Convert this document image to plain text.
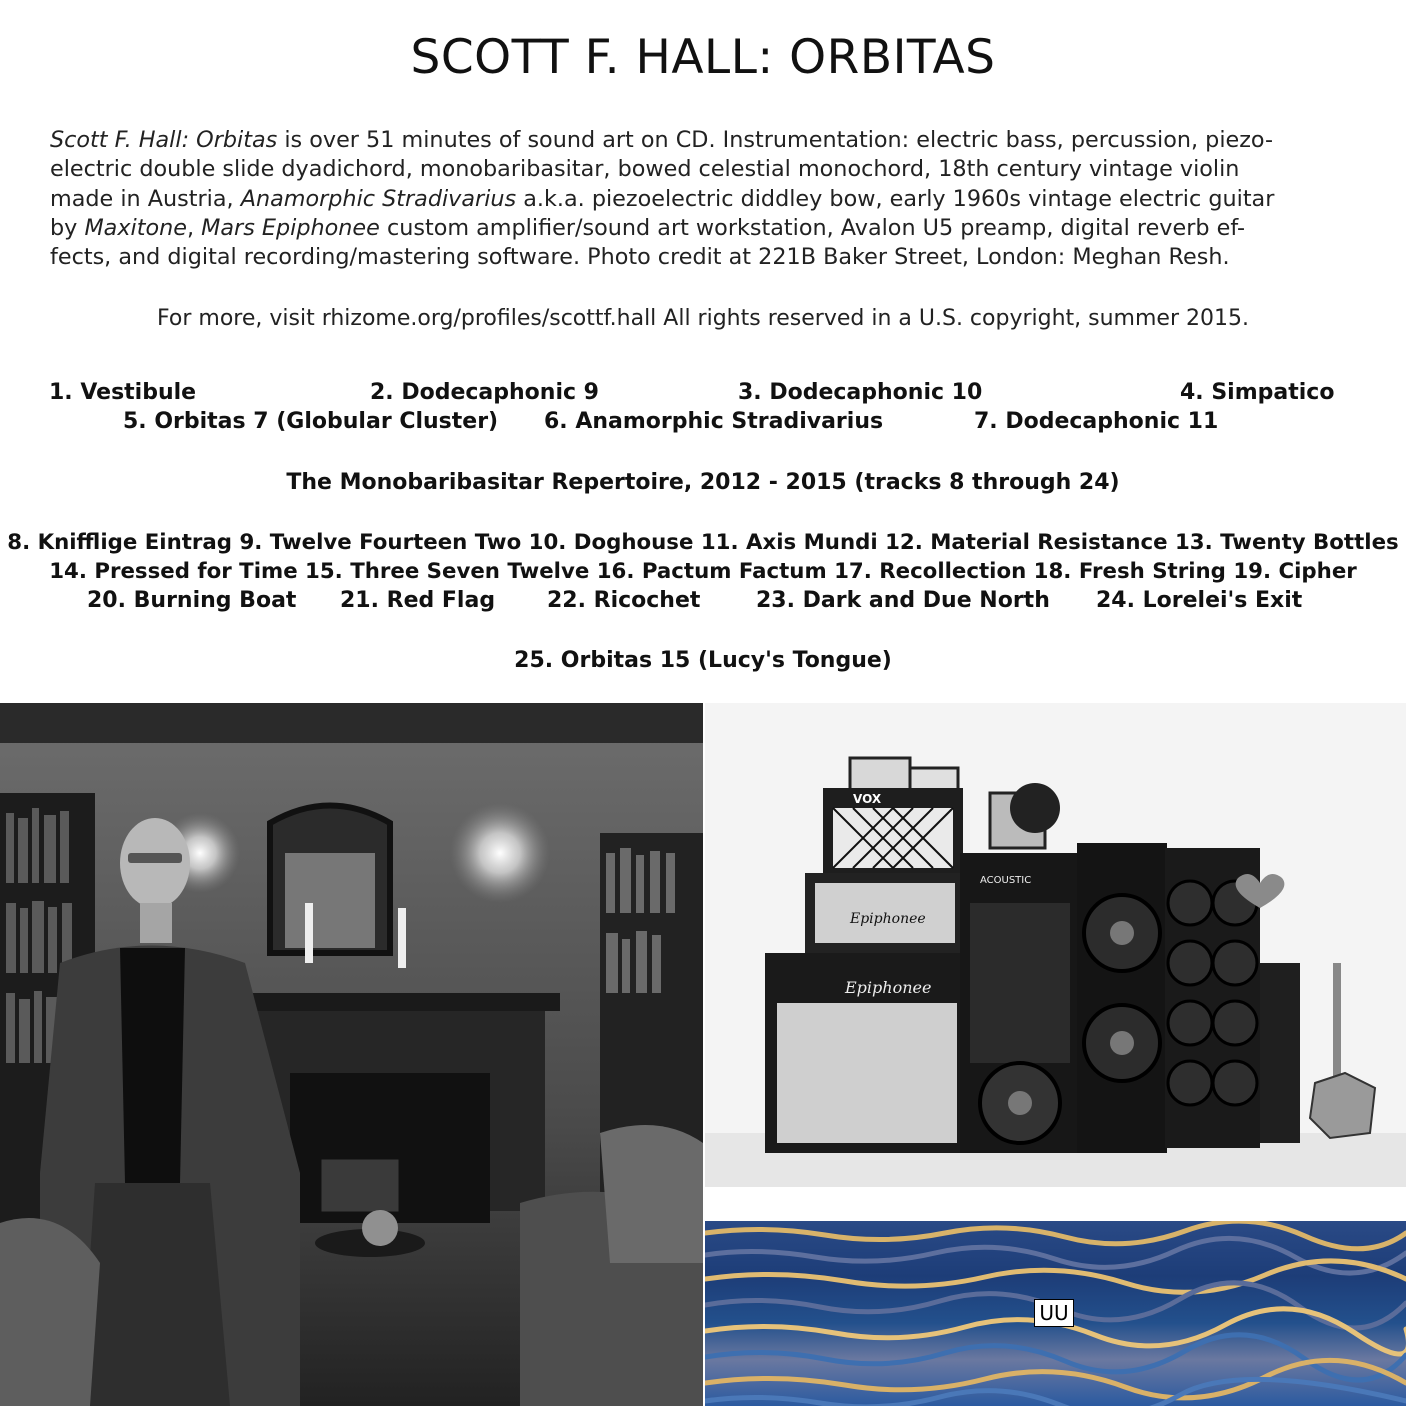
SCOTT F. HALL: ORBITAS
Scott F. Hall: Orbitas is over 51 minutes of sound art on CD. Instrumentation: electric bass, percussion, piezo-
electric double slide dyadichord, monobaribasitar, bowed celestial monochord, 18th century vintage violin
made in Austria, Anamorphic Stradivarius a.k.a. piezoelectric diddley bow, early 1960s vintage electric guitar
by Maxitone, Mars Epiphonee custom amplifier/sound art workstation, Avalon U5 preamp, digital reverb ef-
fects, and digital recording/mastering software. Photo credit at 221B Baker Street, London: Meghan Resh.
For more, visit rhizome.org/profiles/scottf.hall All rights reserved in a U.S. copyright, summer 2015.
1. Vestibule	2. Dodecaphonic 9	3. Dodecaphonic 10	4. Simpatico
5. Orbitas 7 (Globular Cluster) 6. Anamorphic Stradivarius	7. Dodecaphonic 11
The Monobaribasitar Repertoire, 2012 - 2015 (tracks 8 through 24)
8. Knifflige Eintrag 9. Twelve Fourteen Two 10. Doghouse 11. Axis Mundi 12. Material Resistance 13. Twenty Bottles
14. Pressed for Time 15. Three Seven Twelve 16. Pactum Factum 17. Recollection 18. Fresh String 19. Cipher
20. Burning Boat 21. Red Flag 22. Ricochet	23. Dark and Due North 24. Lorelei's Exit
25. Orbitas 15 (Lucy's Tongue)
VOX
Epiphonee
Epiphonee
ACOUSTIC
UU
